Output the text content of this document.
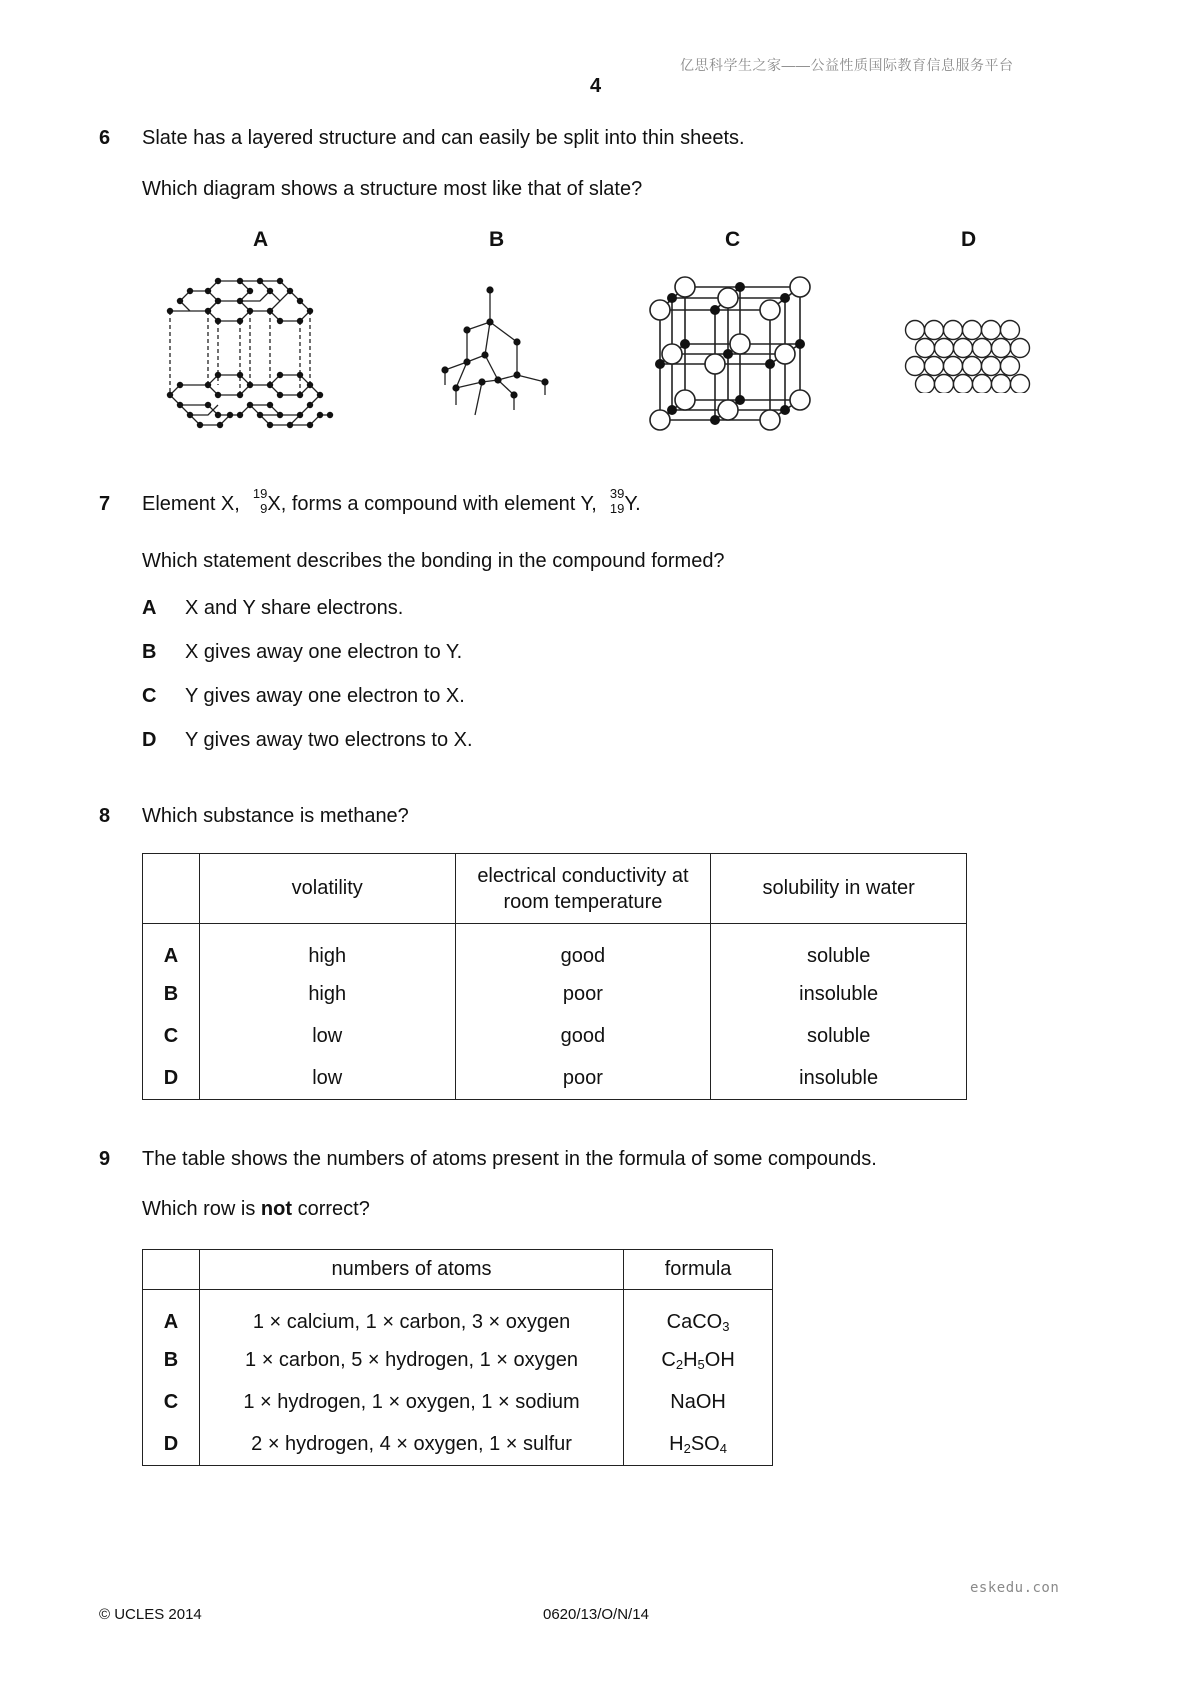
亿思科学生之家——公益性质国际教育信息服务平台
4
6 Slate has a layered structure and can easily be split into thin sheets.
Which diagram shows a structure most like that of slate?
A	B	C	D
7 Element X, 19
9 X, forms a compound with element Y, 39
19 Y.
Which statement describes the bonding in the compound formed?
A X and Y share electrons.
B X gives away one electron to Y.
C Y gives away one electron to X.
D Y gives away two electrons to X.
8 Which substance is methane?
	volatility	electrical conductivity at room temperature	solubility in water
A	high	good	soluble
B	high	poor	insoluble
C	low	good	soluble
D	low	poor	insoluble
9 The table shows the numbers of atoms present in the formula of some compounds.
Which row is not correct?
	numbers of atoms	formula
A	1 × calcium, 1 × carbon, 3 × oxygen	CaCO$_3$
B	1 × carbon, 5 × hydrogen, 1 × oxygen	$C_2H_5OH$
C	1 × hydrogen, 1 × oxygen, 1 × sodium	NaOH
D	2 × hydrogen, 4 × oxygen, 1 × sulfur	$H_2SO_4$
eskedu.con
© UCLES 2014	0620/13/O/N/14
